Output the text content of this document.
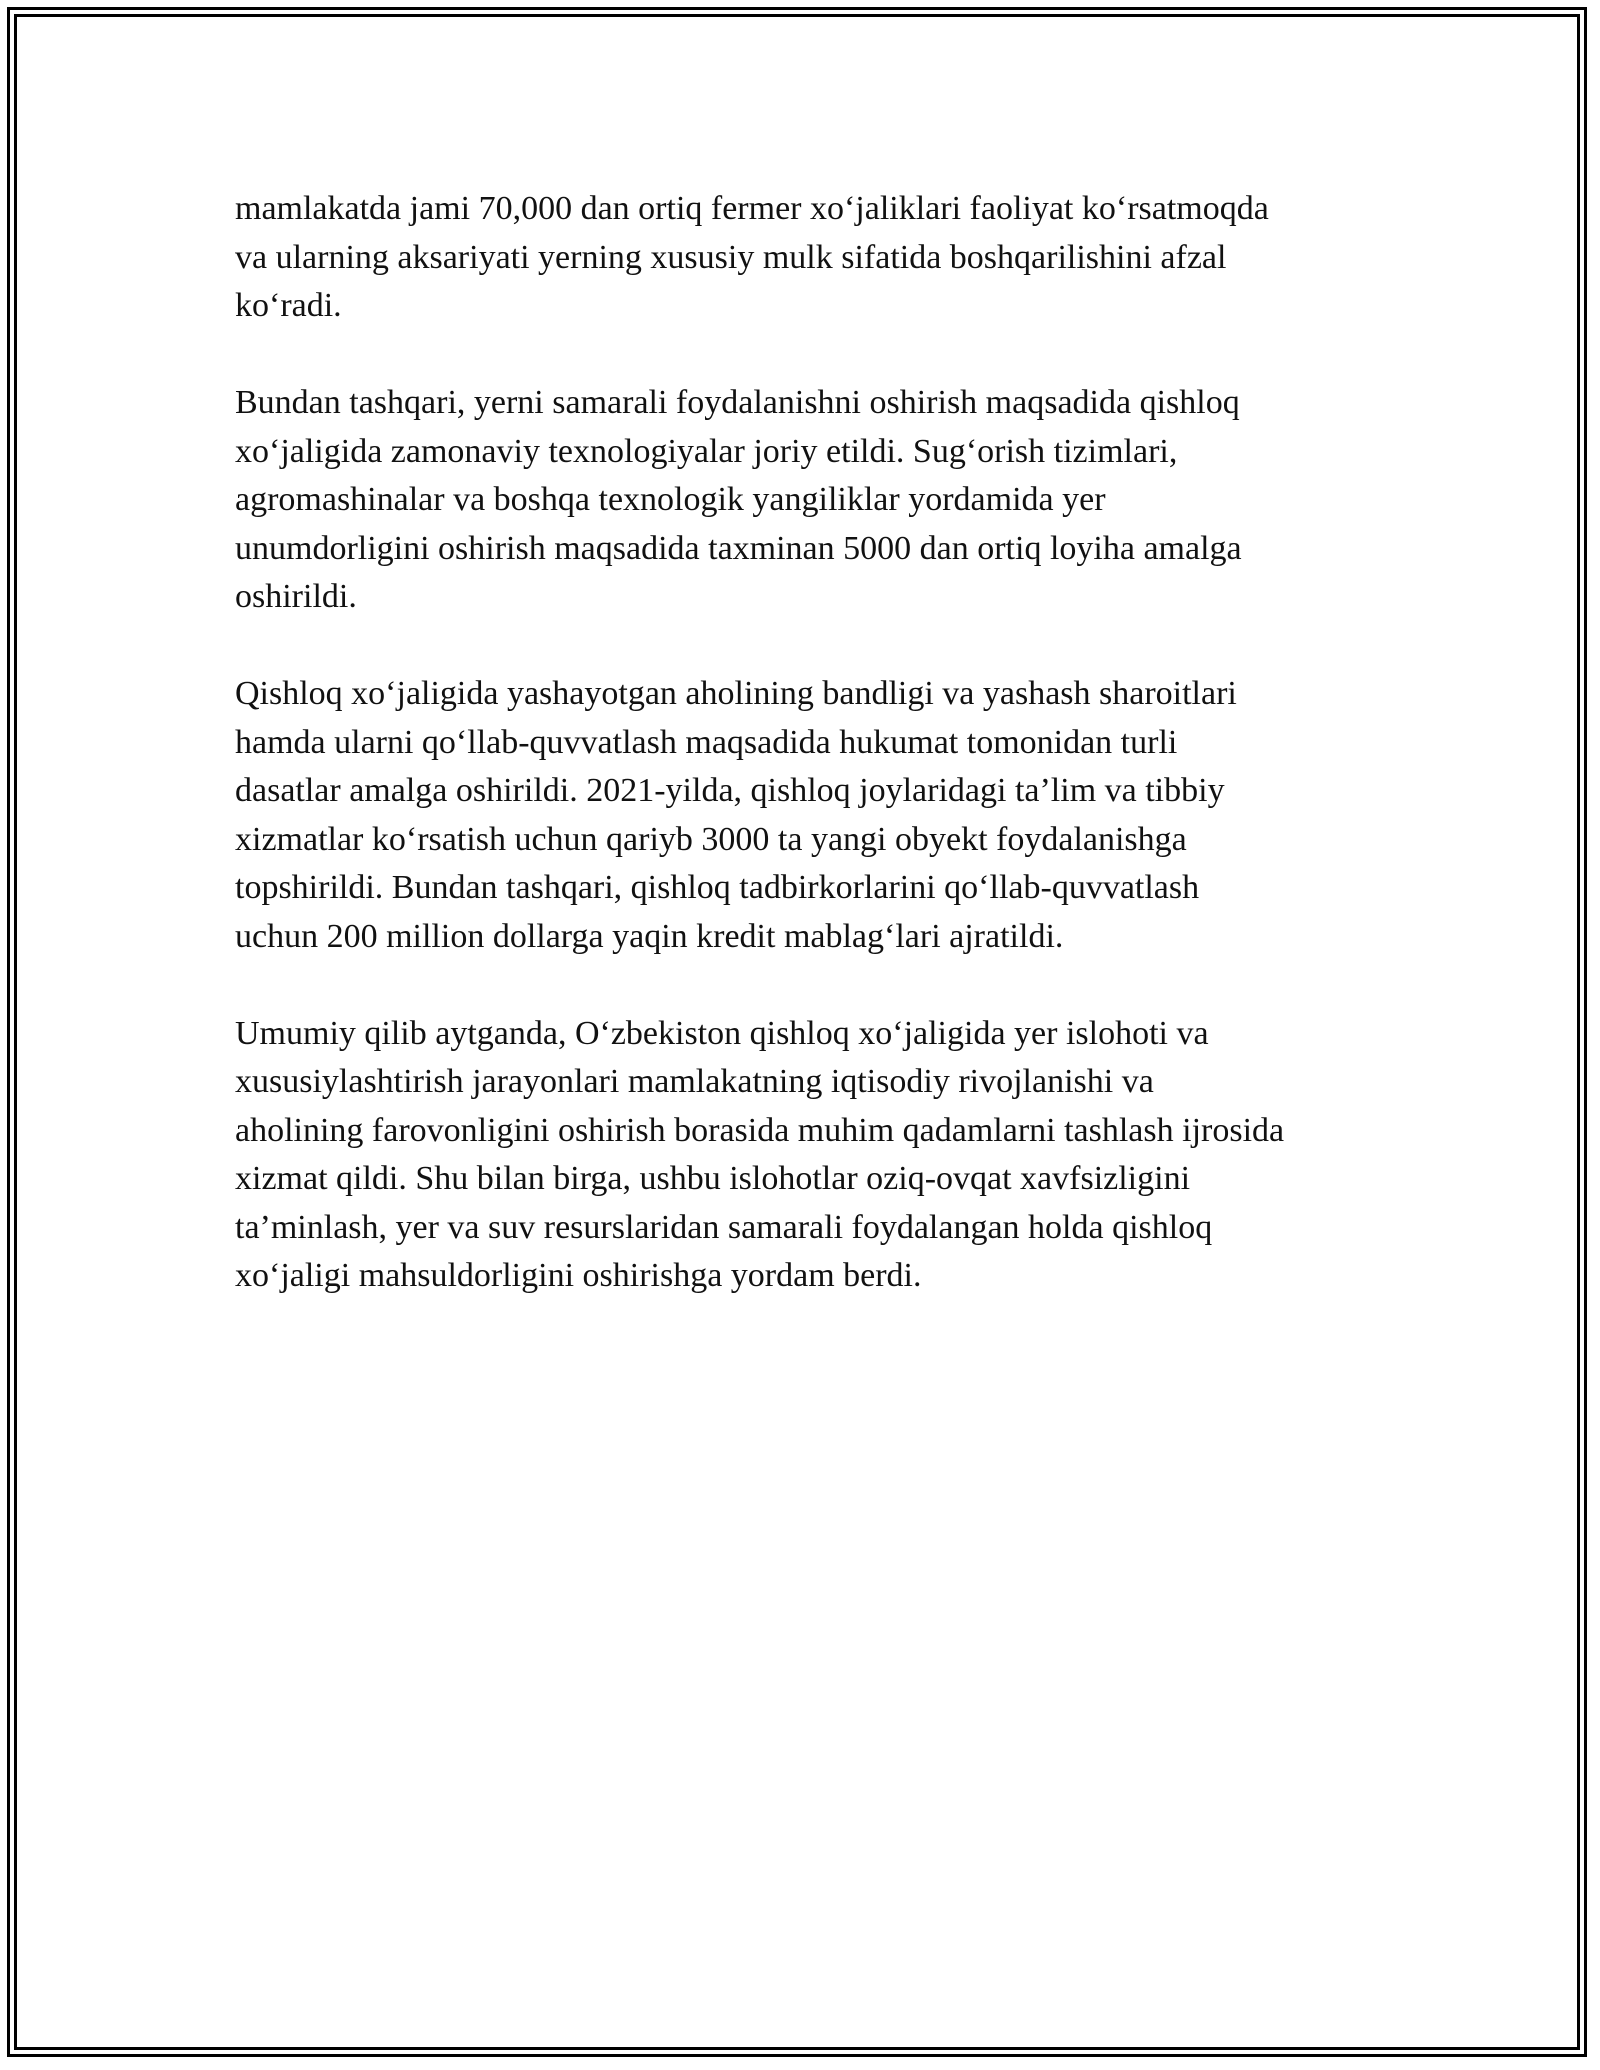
mamlakatda jami 70,000 dan ortiq fermer xo‘jaliklari faoliyat ko‘rsatmoqda
va ularning aksariyati yerning xususiy mulk sifatida boshqarilishini afzal
ko‘radi.

Bundan tashqari, yerni samarali foydalanishni oshirish maqsadida qishloq
xo‘jaligida zamonaviy texnologiyalar joriy etildi. Sug‘orish tizimlari,
agromashinalar va boshqa texnologik yangiliklar yordamida yer
unumdorligini oshirish maqsadida taxminan 5000 dan ortiq loyiha amalga
oshirildi.

Qishloq xo‘jaligida yashayotgan aholining bandligi va yashash sharoitlari
hamda ularni qo‘llab-quvvatlash maqsadida hukumat tomonidan turli
dasatlar amalga oshirildi. 2021-yilda, qishloq joylaridagi ta’lim va tibbiy
xizmatlar ko‘rsatish uchun qariyb 3000 ta yangi obyekt foydalanishga
topshirildi. Bundan tashqari, qishloq tadbirkorlarini qo‘llab-quvvatlash
uchun 200 million dollarga yaqin kredit mablag‘lari ajratildi.

Umumiy qilib aytganda, O‘zbekiston qishloq xo‘jaligida yer islohoti va
xususiylashtirish jarayonlari mamlakatning iqtisodiy rivojlanishi va
aholining farovonligini oshirish borasida muhim qadamlarni tashlash ijrosida
xizmat qildi. Shu bilan birga, ushbu islohotlar oziq-ovqat xavfsizligini
ta’minlash, yer va suv resurslaridan samarali foydalangan holda qishloq
xo‘jaligi mahsuldorligini oshirishga yordam berdi.
